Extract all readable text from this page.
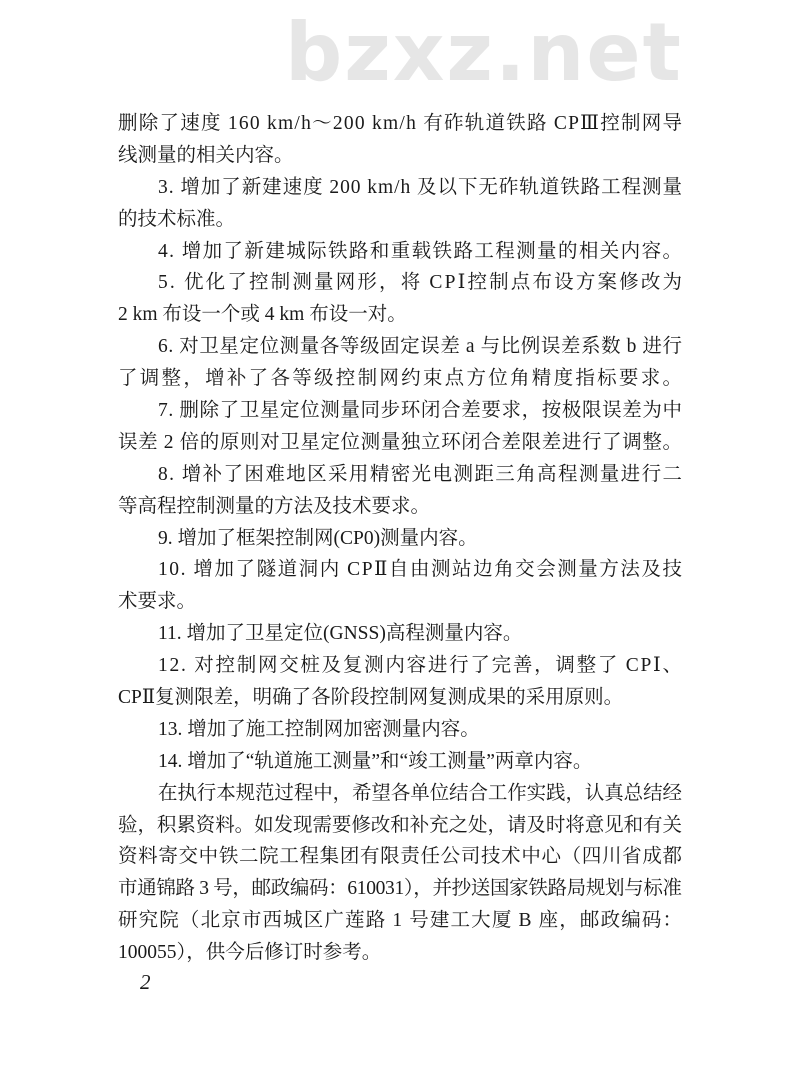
bzxz.net
删除了速度 160 km/h～200 km/h 有砟轨道铁路 CPⅢ控制网导
线测量的相关内容。
3. 增加了新建速度 200 km/h 及以下无砟轨道铁路工程测量
的技术标准。
4. 增加了新建城际铁路和重载铁路工程测量的相关内容。
5. 优化了控制测量网形，将 CPⅠ控制点布设方案修改为
2 km 布设一个或 4 km 布设一对。
6. 对卫星定位测量各等级固定误差 a 与比例误差系数 b 进行
了调整，增补了各等级控制网约束点方位角精度指标要求。
7. 删除了卫星定位测量同步环闭合差要求，按极限误差为中
误差 2 倍的原则对卫星定位测量独立环闭合差限差进行了调整。
8. 增补了困难地区采用精密光电测距三角高程测量进行二
等高程控制测量的方法及技术要求。
9. 增加了框架控制网(CP0)测量内容。
10. 增加了隧道洞内 CPⅡ自由测站边角交会测量方法及技
术要求。
11. 增加了卫星定位(GNSS)高程测量内容。
12. 对控制网交桩及复测内容进行了完善，调整了 CPⅠ、
CPⅡ复测限差，明确了各阶段控制网复测成果的采用原则。
13. 增加了施工控制网加密测量内容。
14. 增加了“轨道施工测量”和“竣工测量”两章内容。
在执行本规范过程中，希望各单位结合工作实践，认真总结经
验，积累资料。如发现需要修改和补充之处，请及时将意见和有关
资料寄交中铁二院工程集团有限责任公司技术中心（四川省成都
市通锦路 3 号，邮政编码：610031），并抄送国家铁路局规划与标准
研究院（北京市西城区广莲路 1 号建工大厦 B 座，邮政编码：
100055），供今后修订时参考。
2
